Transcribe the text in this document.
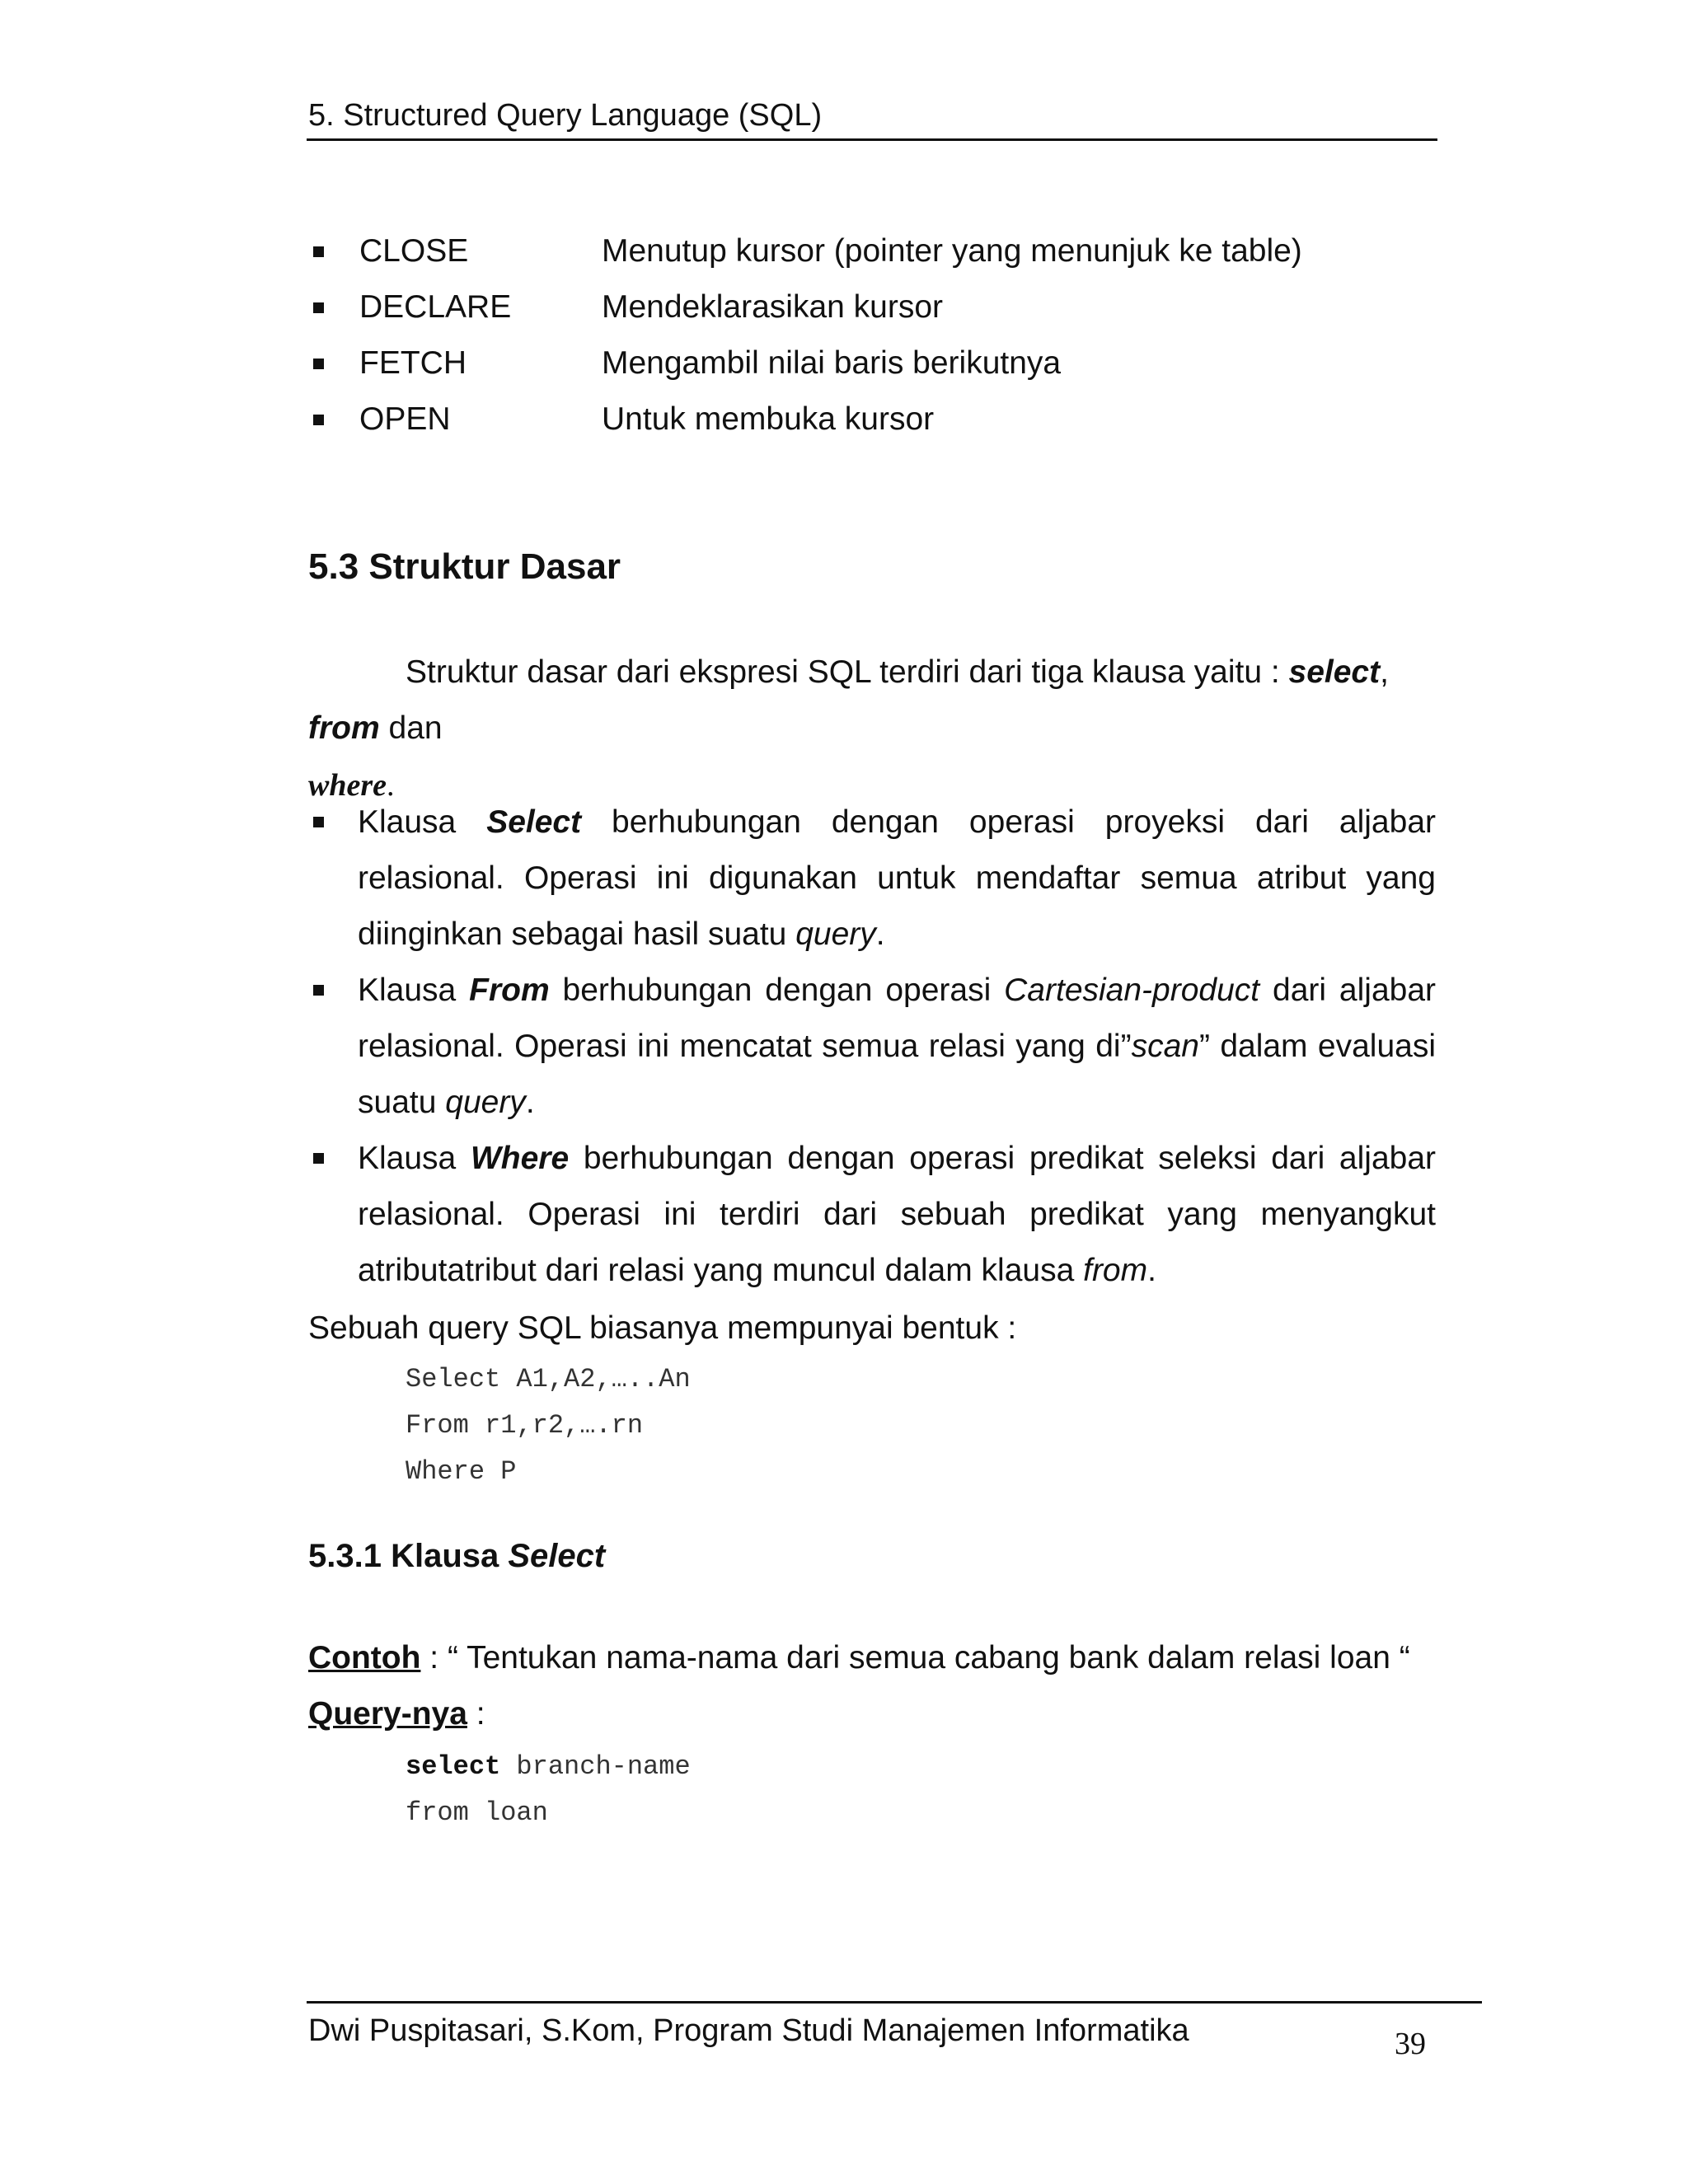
5. Structured Query Language (SQL)
CLOSE	Menutup kursor (pointer yang menunjuk ke table)
DECLARE	Mendeklarasikan kursor
FETCH	Mengambil nilai baris berikutnya
OPEN	Untuk membuka kursor
5.3 Struktur Dasar
Struktur dasar dari ekspresi SQL terdiri dari tiga klausa yaitu : select,
from dan
where.
Klausa Select berhubungan dengan operasi proyeksi dari aljabar relasional. Operasi ini digunakan untuk mendaftar semua atribut yang diinginkan sebagai hasil suatu query.
Klausa From berhubungan dengan operasi Cartesian-product dari aljabar relasional. Operasi ini mencatat semua relasi yang di”scan” dalam evaluasi suatu query.
Klausa Where berhubungan dengan operasi predikat seleksi dari aljabar relasional. Operasi ini terdiri dari sebuah predikat yang menyangkut atributatribut dari relasi yang muncul dalam klausa from.
Sebuah query SQL biasanya mempunyai bentuk :
Select A1,A2,…..An
From r1,r2,….rn
Where P
5.3.1 Klausa Select
Contoh : “ Tentukan nama-nama dari semua cabang bank dalam relasi loan “
Query-nya :
select branch-name
from loan
Dwi Puspitasari, S.Kom, Program Studi Manajemen Informatika	39
